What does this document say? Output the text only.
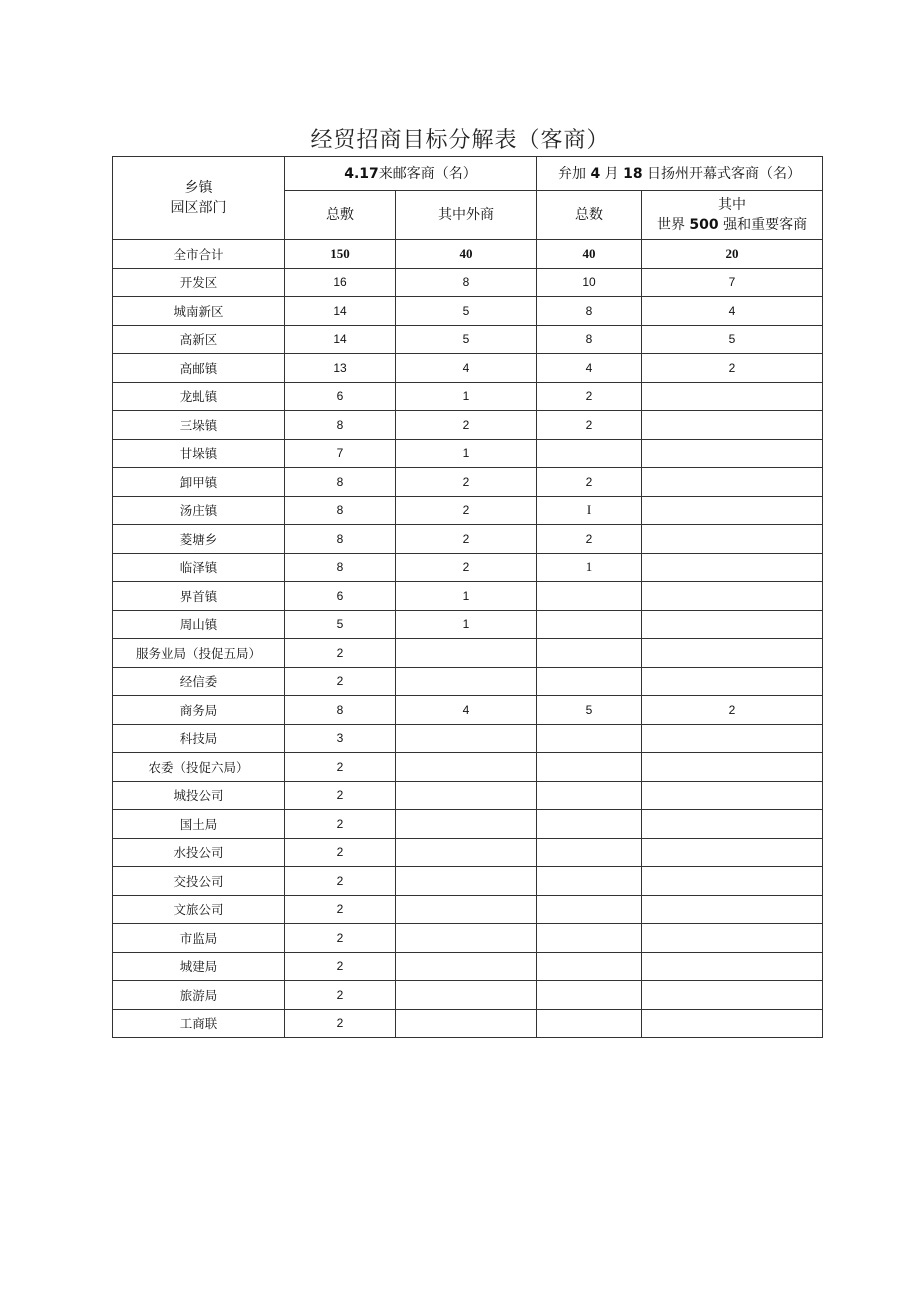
经贸招商目标分解表（客商）
乡镇
园区部门	4.17来邮客商（名）		弁加 4 月 18 日扬州开幕式客商（名）	
	总敷	其中外商	总数	其中
世界 500 强和重要客商

全市合计	150	40	40	20
开发区	16	8	10	7
城南新区	14	5	8	4
高新区	14	5	8	5
高邮镇	13	4	4	2
龙虬镇	6	1	2	
三垛镇	8	2	2	
甘垛镇	7	1		
卸甲镇	8	2	2	
汤庄镇	8	2	I	
菱塘乡	8	2	2	
临泽镇	8	2	1	
界首镇	6	1		
周山镇	5	1		
服务业局（投促五局）	2			
经信委	2			
商务局	8	4	5	2
科技局	3			
农委（投促六局）	2			
城投公司	2			
国土局	2			
水投公司	2			
交投公司	2			
文旅公司	2			
市监局	2			
城建局	2			
旅游局	2			
工商联	2			
